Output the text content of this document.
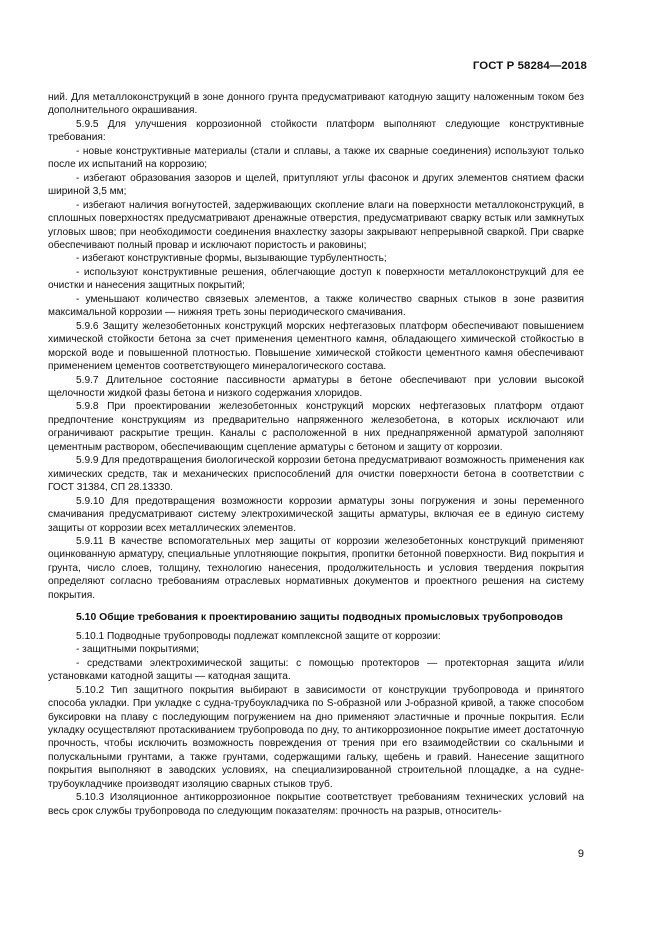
ГОСТ Р 58284—2018

ний. Для металлоконструкций в зоне донного грунта предусматривают катодную защиту наложенным током без дополнительного окрашивания.

5.9.5 Для улучшения коррозионной стойкости платформ выполняют следующие конструктивные требования:

- новые конструктивные материалы (стали и сплавы, а также их сварные соединения) используют только после их испытаний на коррозию;

- избегают образования зазоров и щелей, притупляют углы фасонок и других элементов снятием фаски шириной 3,5 мм;

- избегают наличия вогнутостей, задерживающих скопление влаги на поверхности металлоконструкций, в сплошных поверхностях предусматривают дренажные отверстия, предусматривают сварку встык или замкнутых угловых швов; при необходимости соединения внахлестку зазоры закрывают непрерывной сваркой. При сварке обеспечивают полный провар и исключают пористость и раковины;

- избегают конструктивные формы, вызывающие турбулентность;

- используют конструктивные решения, облегчающие доступ к поверхности металлоконструкций для ее очистки и нанесения защитных покрытий;

- уменьшают количество связевых элементов, а также количество сварных стыков в зоне развития максимальной коррозии — нижняя треть зоны периодического смачивания.

5.9.6 Защиту железобетонных конструкций морских нефтегазовых платформ обеспечивают повышением химической стойкости бетона за счет применения цементного камня, обладающего химической стойкостью в морской воде и повышенной плотностью. Повышение химической стойкости цементного камня обеспечивают применением цементов соответствующего минералогического состава.

5.9.7 Длительное состояние пассивности арматуры в бетоне обеспечивают при условии высокой щелочности жидкой фазы бетона и низкого содержания хлоридов.

5.9.8 При проектировании железобетонных конструкций морских нефтегазовых платформ отдают предпочтение конструкциям из предварительно напряженного железобетона, в которых исключают или ограничивают раскрытие трещин. Каналы с расположенной в них преднапряженной арматурой заполняют цементным раствором, обеспечивающим сцепление арматуры с бетоном и защиту от коррозии.

5.9.9 Для предотвращения биологической коррозии бетона предусматривают возможность применения как химических средств, так и механических приспособлений для очистки поверхности бетона в соответствии с ГОСТ 31384, СП 28.13330.

5.9.10 Для предотвращения возможности коррозии арматуры зоны погружения и зоны переменного смачивания предусматривают систему электрохимической защиты арматуры, включая ее в единую систему защиты от коррозии всех металлических элементов.

5.9.11 В качестве вспомогательных мер защиты от коррозии железобетонных конструкций применяют оцинкованную арматуру, специальные уплотняющие покрытия, пропитки бетонной поверхности. Вид покрытия и грунта, число слоев, толщину, технологию нанесения, продолжительность и условия твердения покрытия определяют согласно требованиям отраслевых нормативных документов и проектного решения на систему покрытия.

5.10 Общие требования к проектированию защиты подводных промысловых трубопроводов

5.10.1 Подводные трубопроводы подлежат комплексной защите от коррозии:

- защитными покрытиями;

- средствами электрохимической защиты: с помощью протекторов — протекторная защита и/или установками катодной защиты — катодная защита.

5.10.2 Тип защитного покрытия выбирают в зависимости от конструкции трубопровода и принятого способа укладки. При укладке с судна-трубоукладчика по S-образной или J-образной кривой, а также способом буксировки на плаву с последующим погружением на дно применяют эластичные и прочные покрытия. Если укладку осуществляют протаскиванием трубопровода по дну, то антикоррозионное покрытие имеет достаточную прочность, чтобы исключить возможность повреждения от трения при его взаимодействии со скальными и полускальными грунтами, а также грунтами, содержащими гальку, щебень и гравий. Нанесение защитного покрытия выполняют в заводских условиях, на специализированной строительной площадке, а на судне-трубоукладчике производят изоляцию сварных стыков труб.

5.10.3 Изоляционное антикоррозионное покрытие соответствует требованиям технических условий на весь срок службы трубопровода по следующим показателям: прочность на разрыв, относитель-

9
